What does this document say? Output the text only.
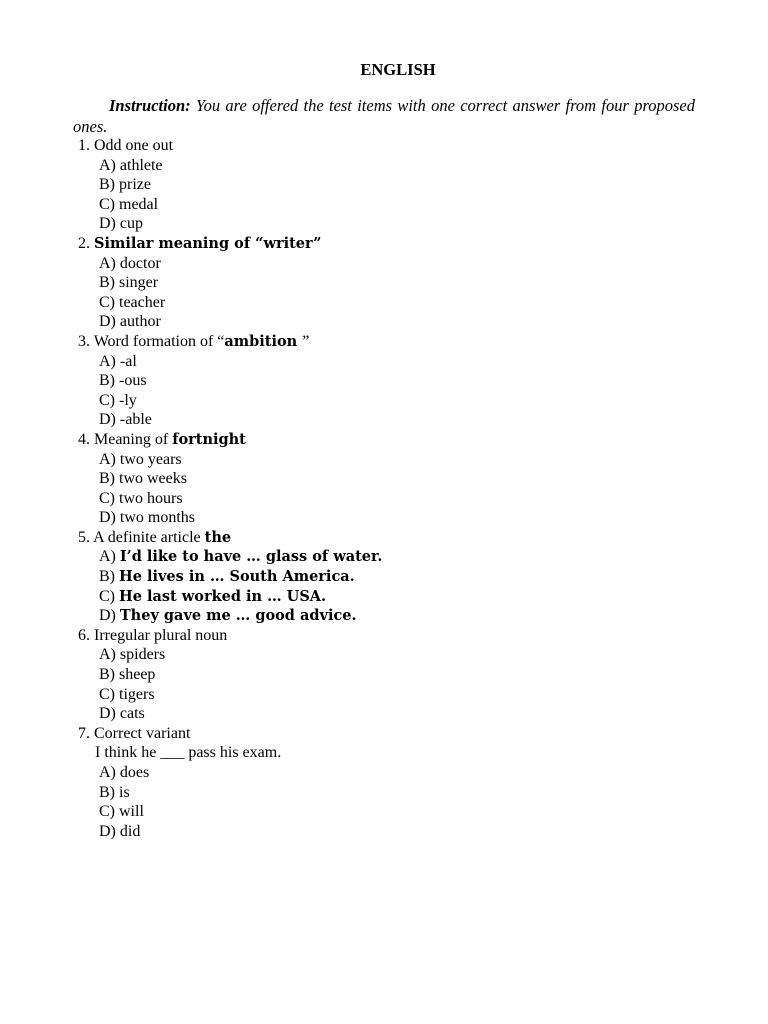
ENGLISH
Instruction: You are offered the test items with one correct answer from four proposed ones.
1. Odd one out
A) athlete
B) prize
C) medal
D) cup
2. Similar meaning of “writer”
A) doctor
B) singer
C) teacher
D) author
3. Word formation of “ambition ”
A) -al
B) -ous
C) -ly
D) -able
4. Meaning of fortnight
A) two years
B) two weeks
C) two hours
D) two months
5. A definite article the
A) I’d like to have … glass of water.
B) He lives in … South America.
C) He last worked in … USA.
D) They gave me … good advice.
6. Irregular plural noun
A) spiders
B) sheep
C) tigers
D) cats
7. Correct variant
I think he ___ pass his exam.
A) does
B) is
C) will
D) did
